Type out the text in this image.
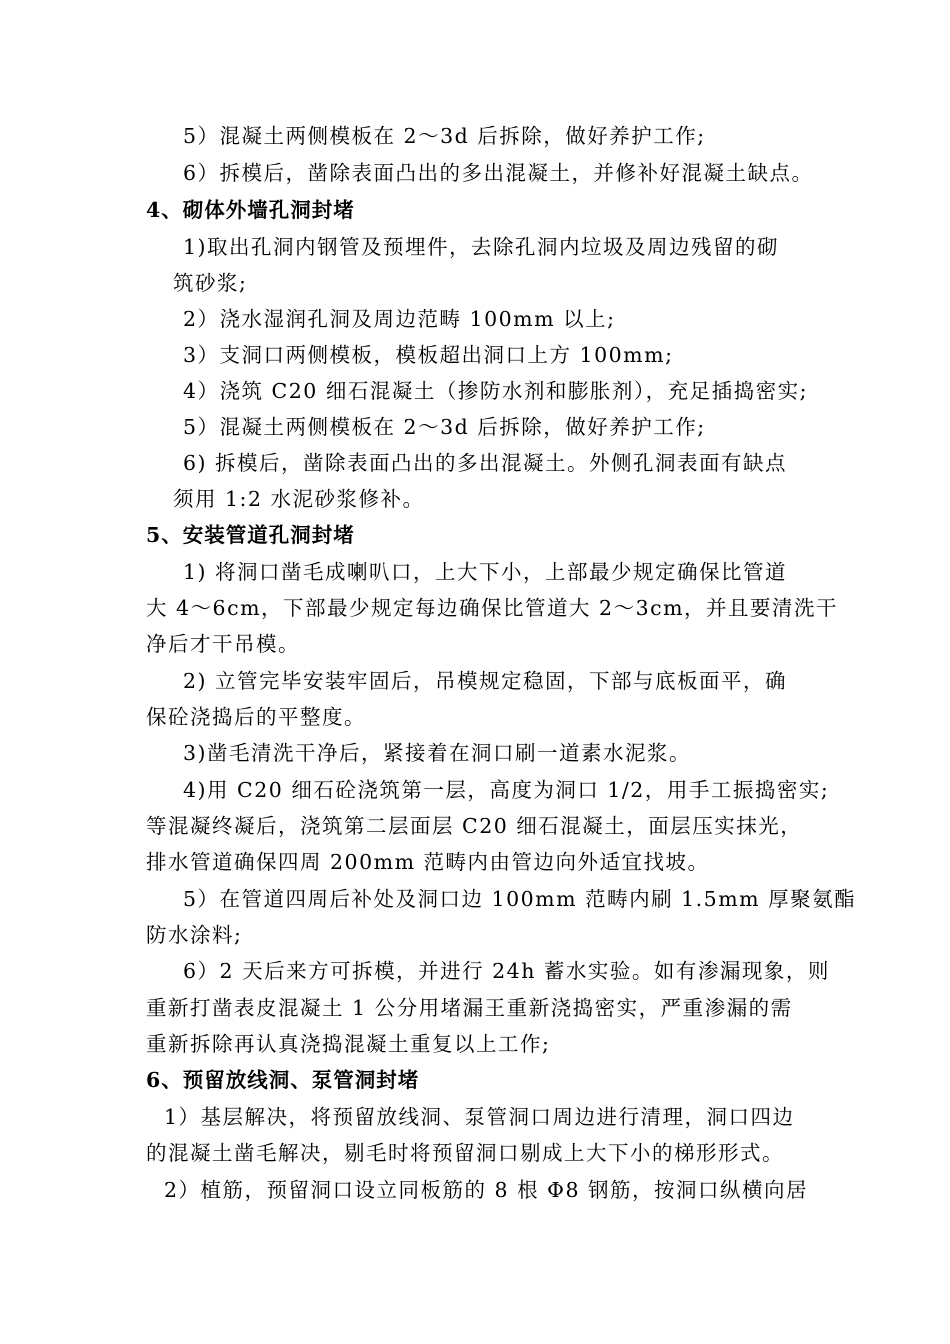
5）混凝土两侧模板在 2～3d 后拆除，做好养护工作;
6）拆模后，凿除表面凸出的多出混凝土，并修补好混凝土缺点。
4、砌体外墙孔洞封堵
1)取出孔洞内钢管及预埋件，去除孔洞内垃圾及周边残留的砌
筑砂浆;
2）浇水湿润孔洞及周边范畴 100mm 以上;
3）支洞口两侧模板，模板超出洞口上方 100mm;
4）浇筑 C20 细石混凝土（掺防水剂和膨胀剂），充足插捣密实;
5）混凝土两侧模板在 2～3d 后拆除，做好养护工作;
6) 拆模后，凿除表面凸出的多出混凝土。外侧孔洞表面有缺点
须用 1:2 水泥砂浆修补。
5、安装管道孔洞封堵
1) 将洞口凿毛成喇叭口，上大下小，上部最少规定确保比管道
大 4～6cm，下部最少规定每边确保比管道大 2～3cm，并且要清洗干
净后才干吊模。
2) 立管完毕安装牢固后，吊模规定稳固，下部与底板面平，确
保砼浇捣后的平整度。
3)凿毛清洗干净后，紧接着在洞口刷一道素水泥浆。
4)用 C20 细石砼浇筑第一层，高度为洞口 1/2，用手工振捣密实;
等混凝终凝后，浇筑第二层面层 C20 细石混凝土，面层压实抹光，
排水管道确保四周 200mm 范畴内由管边向外适宜找坡。
5）在管道四周后补处及洞口边 100mm 范畴内刷 1.5mm 厚聚氨酯
防水涂料;
6）2 天后来方可拆模，并进行 24h 蓄水实验。如有渗漏现象，则
重新打凿表皮混凝土 1 公分用堵漏王重新浇捣密实，严重渗漏的需
重新拆除再认真浇捣混凝土重复以上工作;
6、预留放线洞、泵管洞封堵
1）基层解决，将预留放线洞、泵管洞口周边进行清理，洞口四边
的混凝土凿毛解决，剔毛时将预留洞口剔成上大下小的梯形形式。
2）植筋，预留洞口设立同板筋的 8 根 Φ8 钢筋，按洞口纵横向居
